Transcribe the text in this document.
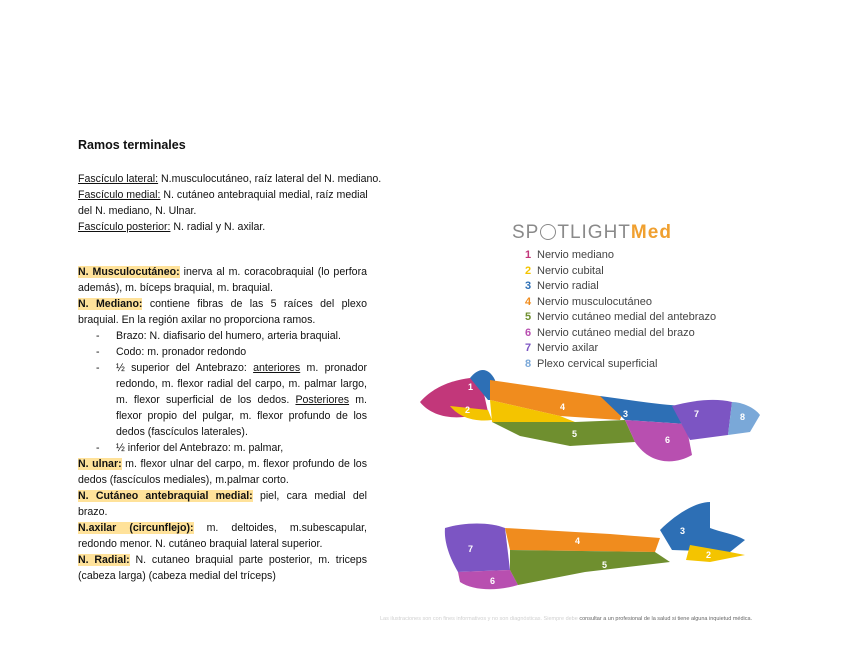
Ramos terminales
Fascículo lateral: N.musculocutáneo, raíz lateral del N. mediano.
Fascículo medial: N. cutáneo antebraquial medial, raíz medial del N. mediano, N. Ulnar.
Fascículo posterior: N. radial y N. axilar.

N. Musculocutáneo: inerva al m. coracobraquial (lo perfora además), m. bíceps braquial, m. braquial.

N. Mediano: contiene fibras de las 5 raíces del plexo braquial. En la región axilar no proporciona ramos.

- Brazo: N. diafisario del humero, arteria braquial.
- Codo: m. pronador redondo
- ½ superior del Antebrazo: anteriores m. pronador redondo, m. flexor radial del carpo, m. palmar largo, m. flexor superficial de los dedos. Posteriores m. flexor propio del pulgar, m. flexor profundo de los dedos (fascículos laterales).
- ½ inferior del Antebrazo: m. palmar,

N. ulnar: m. flexor ulnar del carpo, m. flexor profundo de los dedos (fascículos mediales), m.palmar corto.

N. Cutáneo antebraquial medial: piel, cara medial del brazo.

N.axilar (circunflejo): m. deltoides, m.subescapular, redondo menor. N. cutáneo braquial lateral superior.

N. Radial: N. cutaneo braquial parte posterior, m. triceps (cabeza larga) (cabeza medial del tríceps)

SP TLIGHTMed
1 Nervio mediano
2 Nervio cubital
3 Nervio radial
4 Nervio musculocutáneo
5 Nervio cutáneo medial del antebrazo
6 Nervio cutáneo medial del brazo
7 Nervio axilar
8 Plexo cervical superficial
1
2	3
4
5
6
7	8
7
4
3
2
5
6
Las ilustraciones son con fines informativos y no son diagnósticas. Siempre debe consultar a un profesional de la salud si tiene alguna inquietud médica.
